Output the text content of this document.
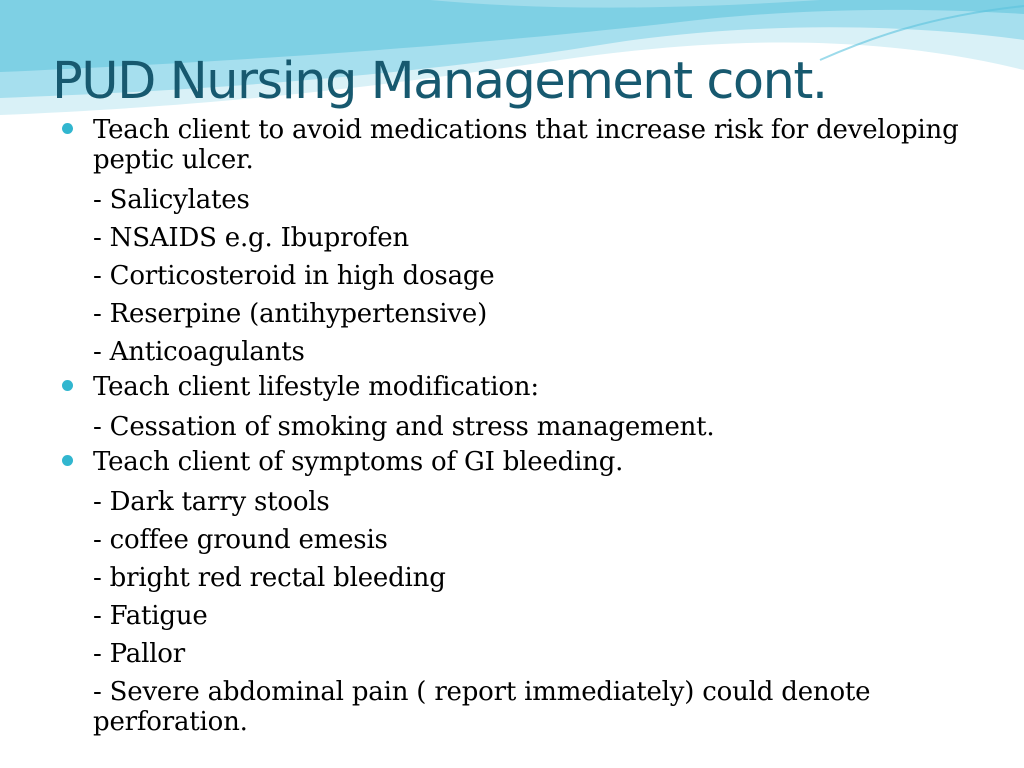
PUD Nursing Management cont.
Teach client to avoid medications that increase risk for developing peptic ulcer.
- Salicylates
- NSAIDS e.g. Ibuprofen
- Corticosteroid in high dosage
- Reserpine (antihypertensive)
- Anticoagulants
Teach client lifestyle modification:
- Cessation of smoking and stress management.
Teach client of symptoms of GI bleeding.
- Dark tarry stools
- coffee ground emesis
- bright red rectal bleeding
- Fatigue
- Pallor
- Severe abdominal pain ( report immediately) could denote perforation.
